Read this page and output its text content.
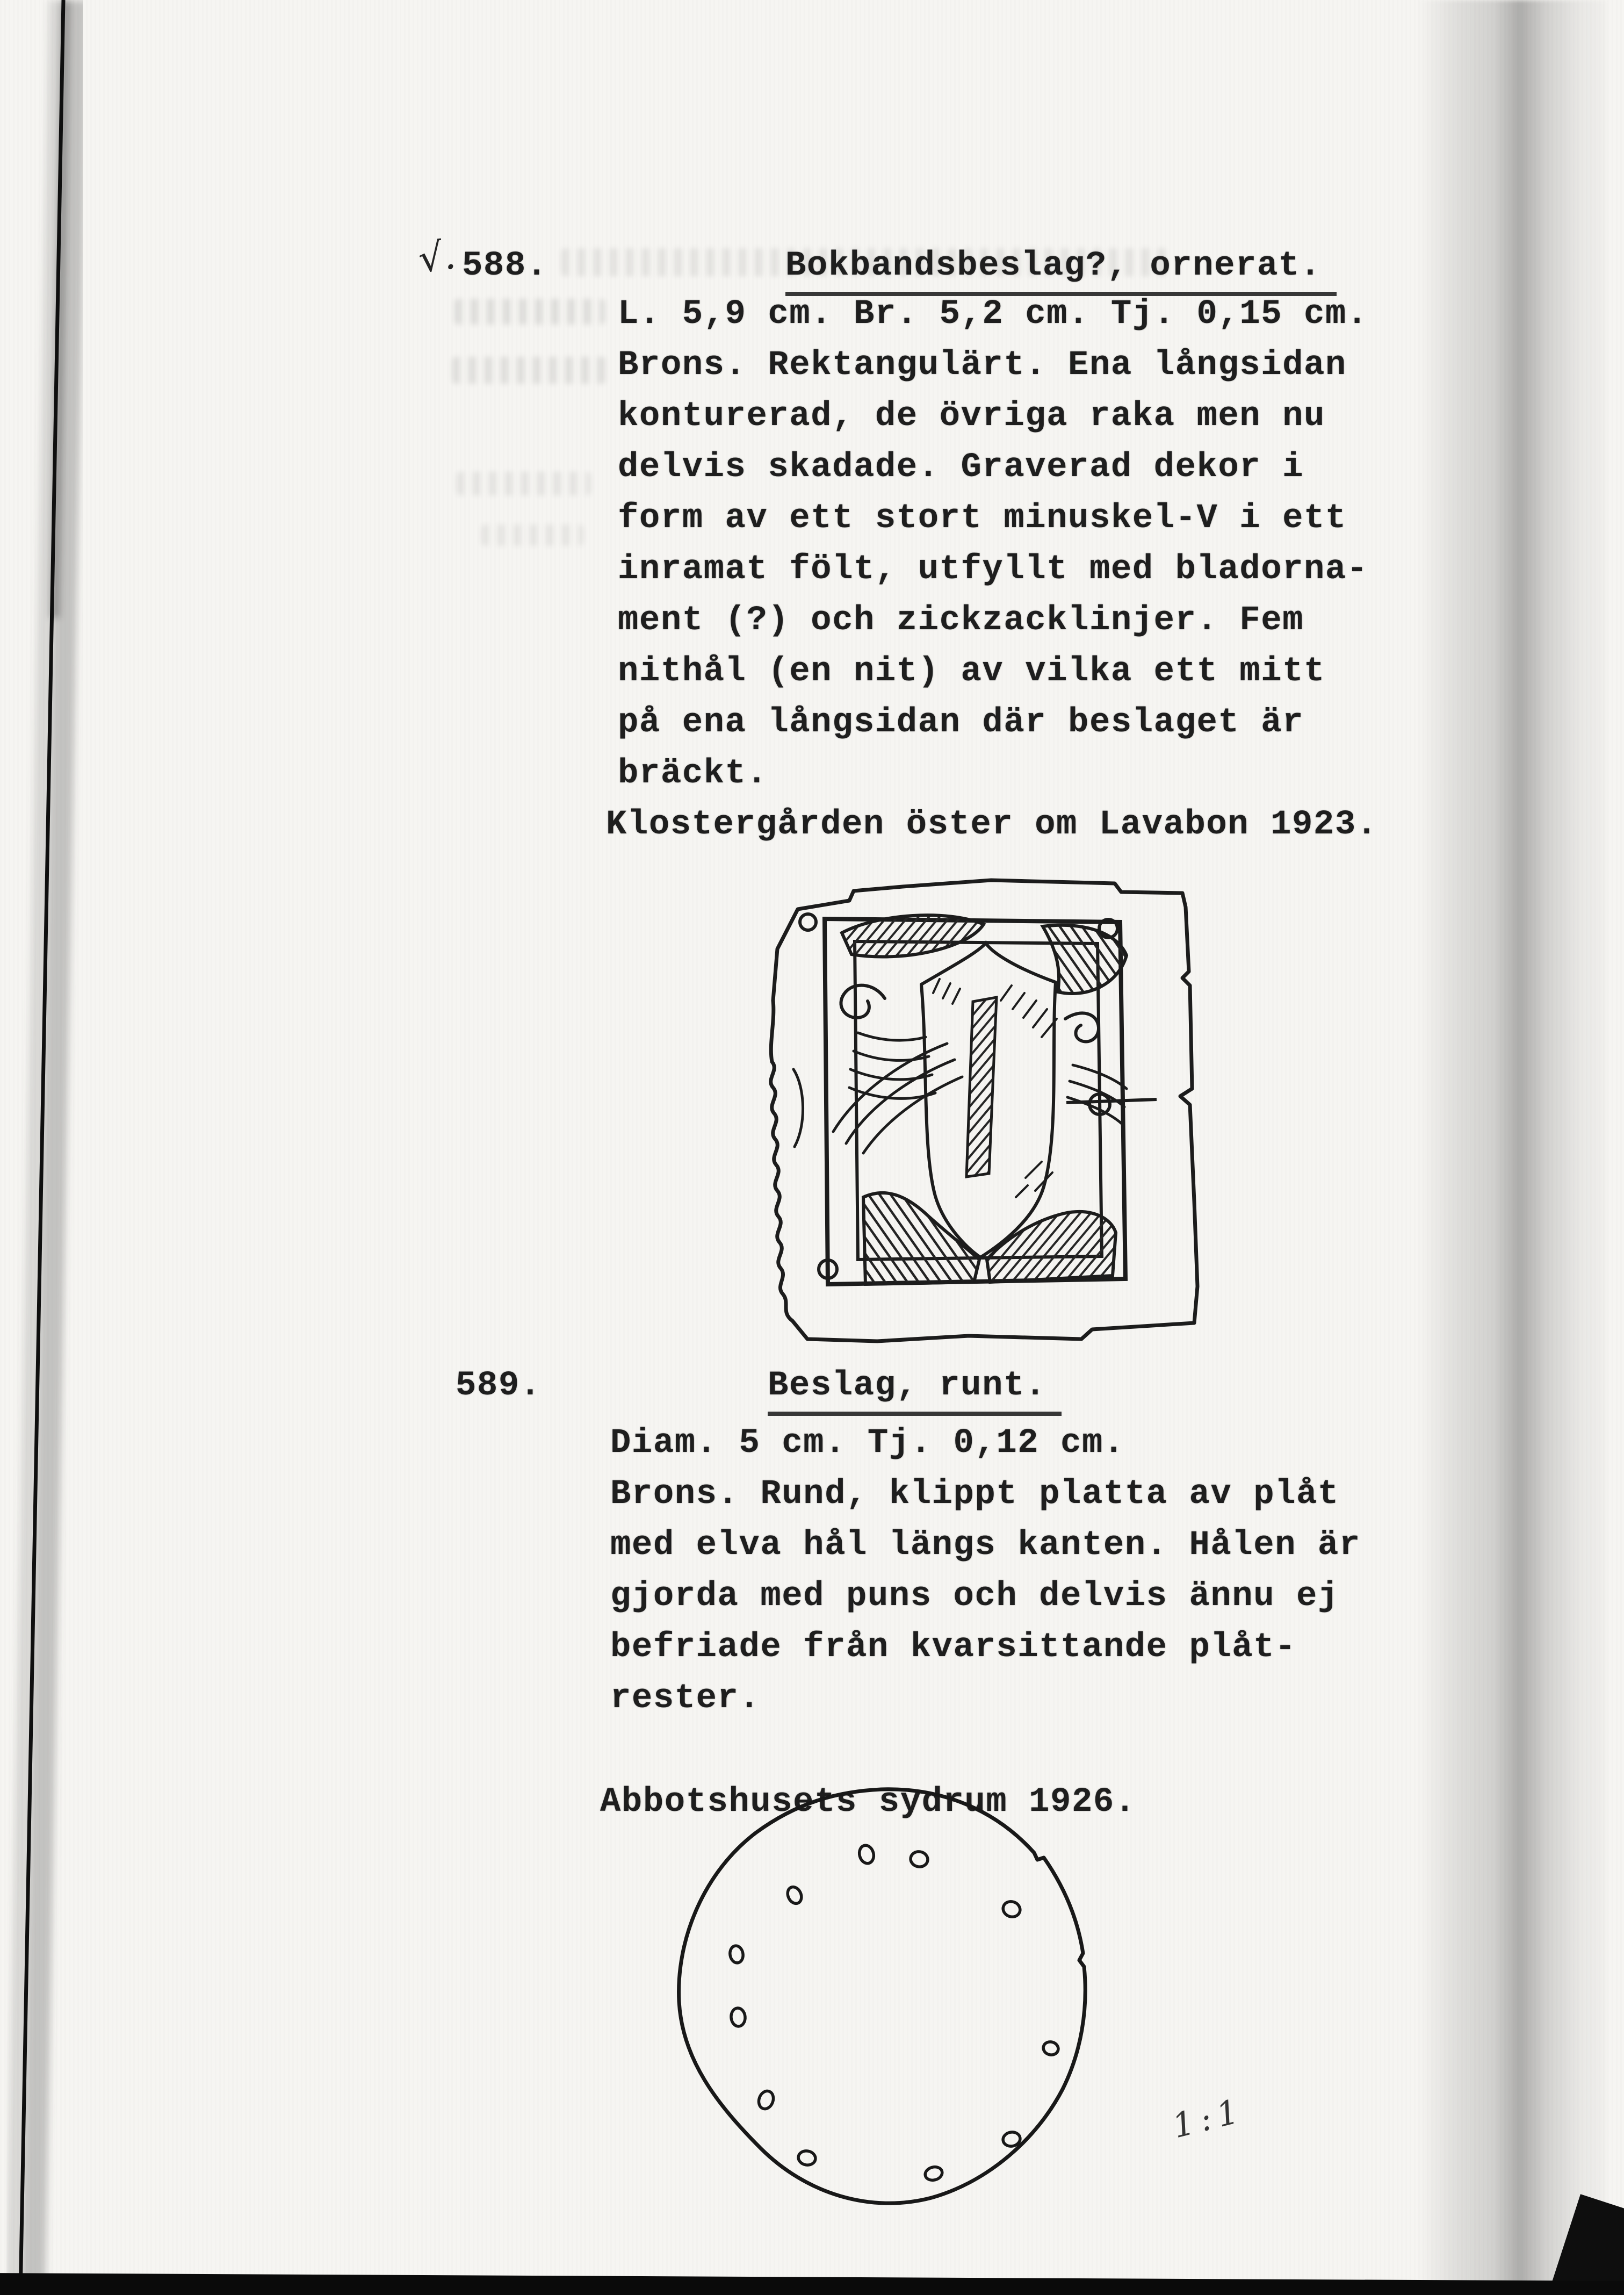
√. 588.	Bokbandsbeslag?, ornerat.
L. 5,9 cm. Br. 5,2 cm. Tj. 0,15 cm.
Brons. Rektangulärt. Ena långsidan
konturerad, de övriga raka men nu
delvis skadade. Graverad dekor i
form av ett stort minuskel-V i ett
inramat fölt, utfyllt med bladorna-
ment (?) och zickzacklinjer. Fem
nithål (en nit) av vilka ett mitt
på ena långsidan där beslaget är
bräckt.
Klostergården öster om Lavabon 1923.
589.	Beslag, runt.
Diam. 5 cm. Tj. 0,12 cm.
Brons. Rund, klippt platta av plåt
med elva hål längs kanten. Hålen är
gjorda med puns och delvis ännu ej
befriade från kvarsittande plåt-
rester.
Abbotshusets sydrum 1926.
1:1
